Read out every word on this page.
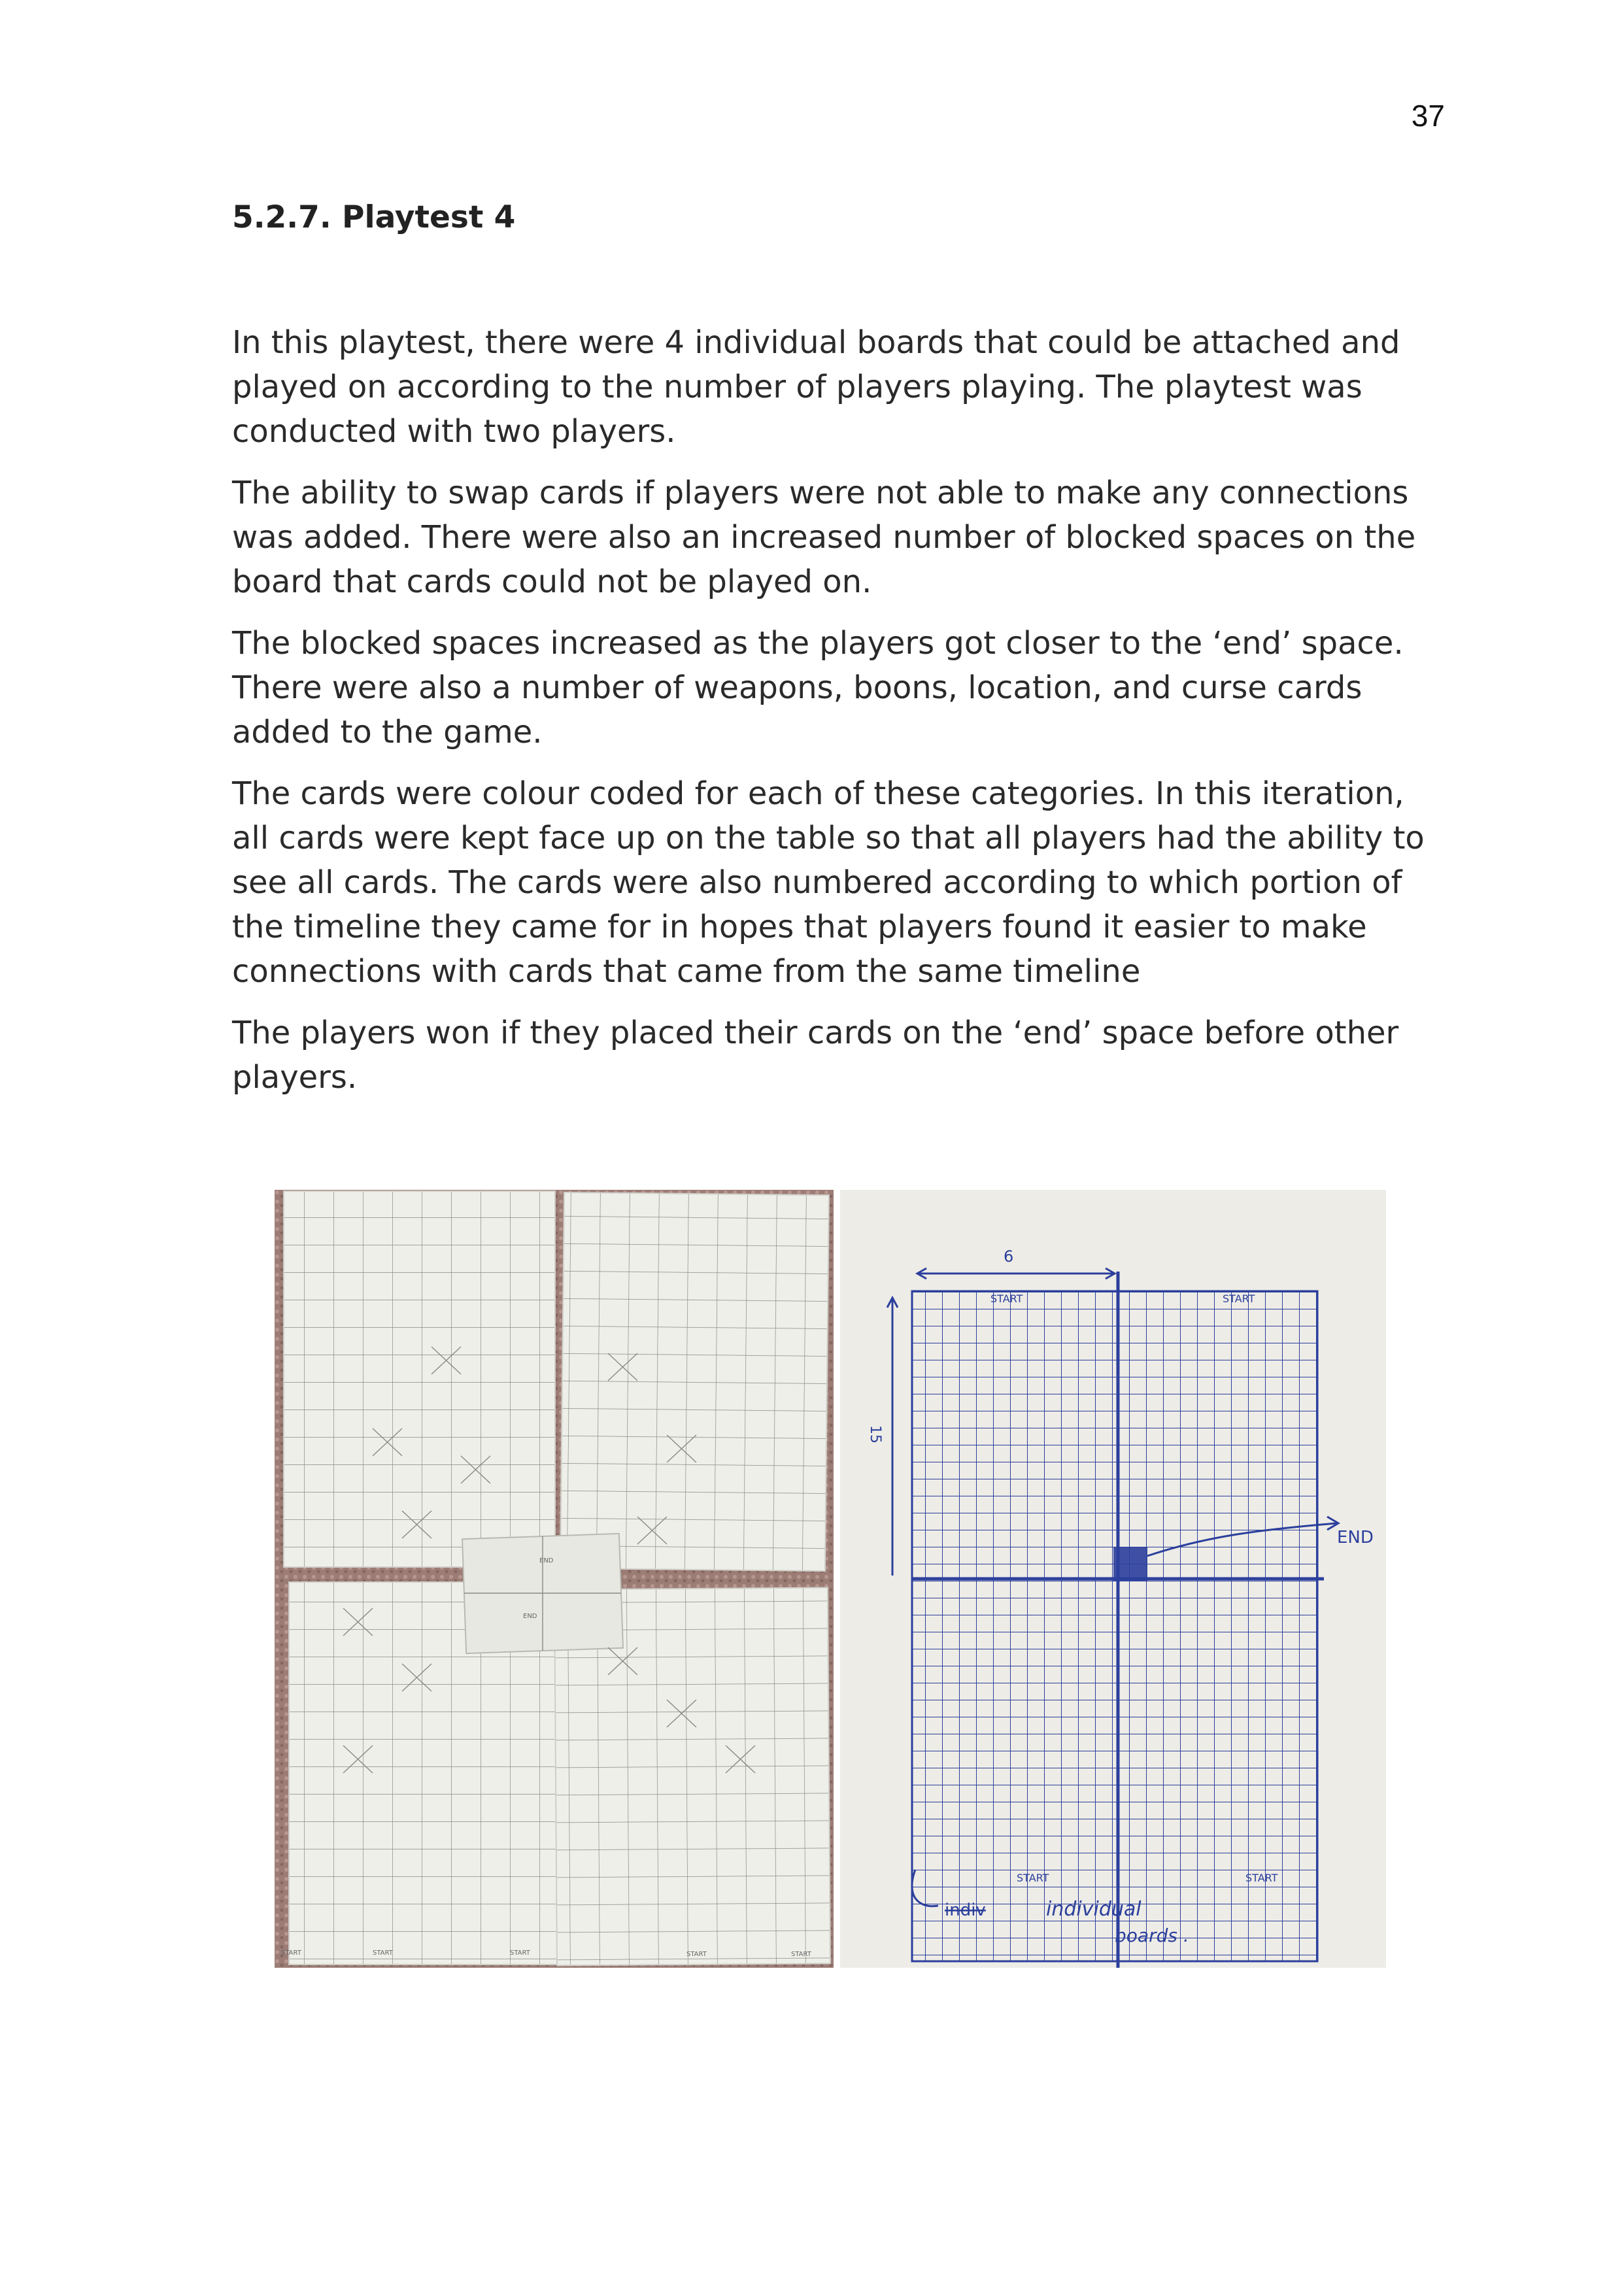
37
5.2.7. Playtest 4

In this playtest, there were 4 individual boards that could be attached and played on according to the number of players playing. The playtest was conducted with two players.

The ability to swap cards if players were not able to make any connections was added. There were also an increased number of blocked spaces on the board that cards could not be played on.

The blocked spaces increased as the players got closer to the ‘end’ space. There were also a number of weapons, boons, location, and curse cards added to the game.

The cards were colour coded for each of these categories. In this iteration, all cards were kept face up on the table so that all players had the ability to see all cards. The cards were also numbered according to which portion of the timeline they came for in hopes that players found it easier to make connections with cards that came from the same timeline

The players won if they placed their cards on the ‘end’ space before other players.

START	START	START	START	START
END
END
6
15
START	START
START	START
END
indiv	individual
boards .
